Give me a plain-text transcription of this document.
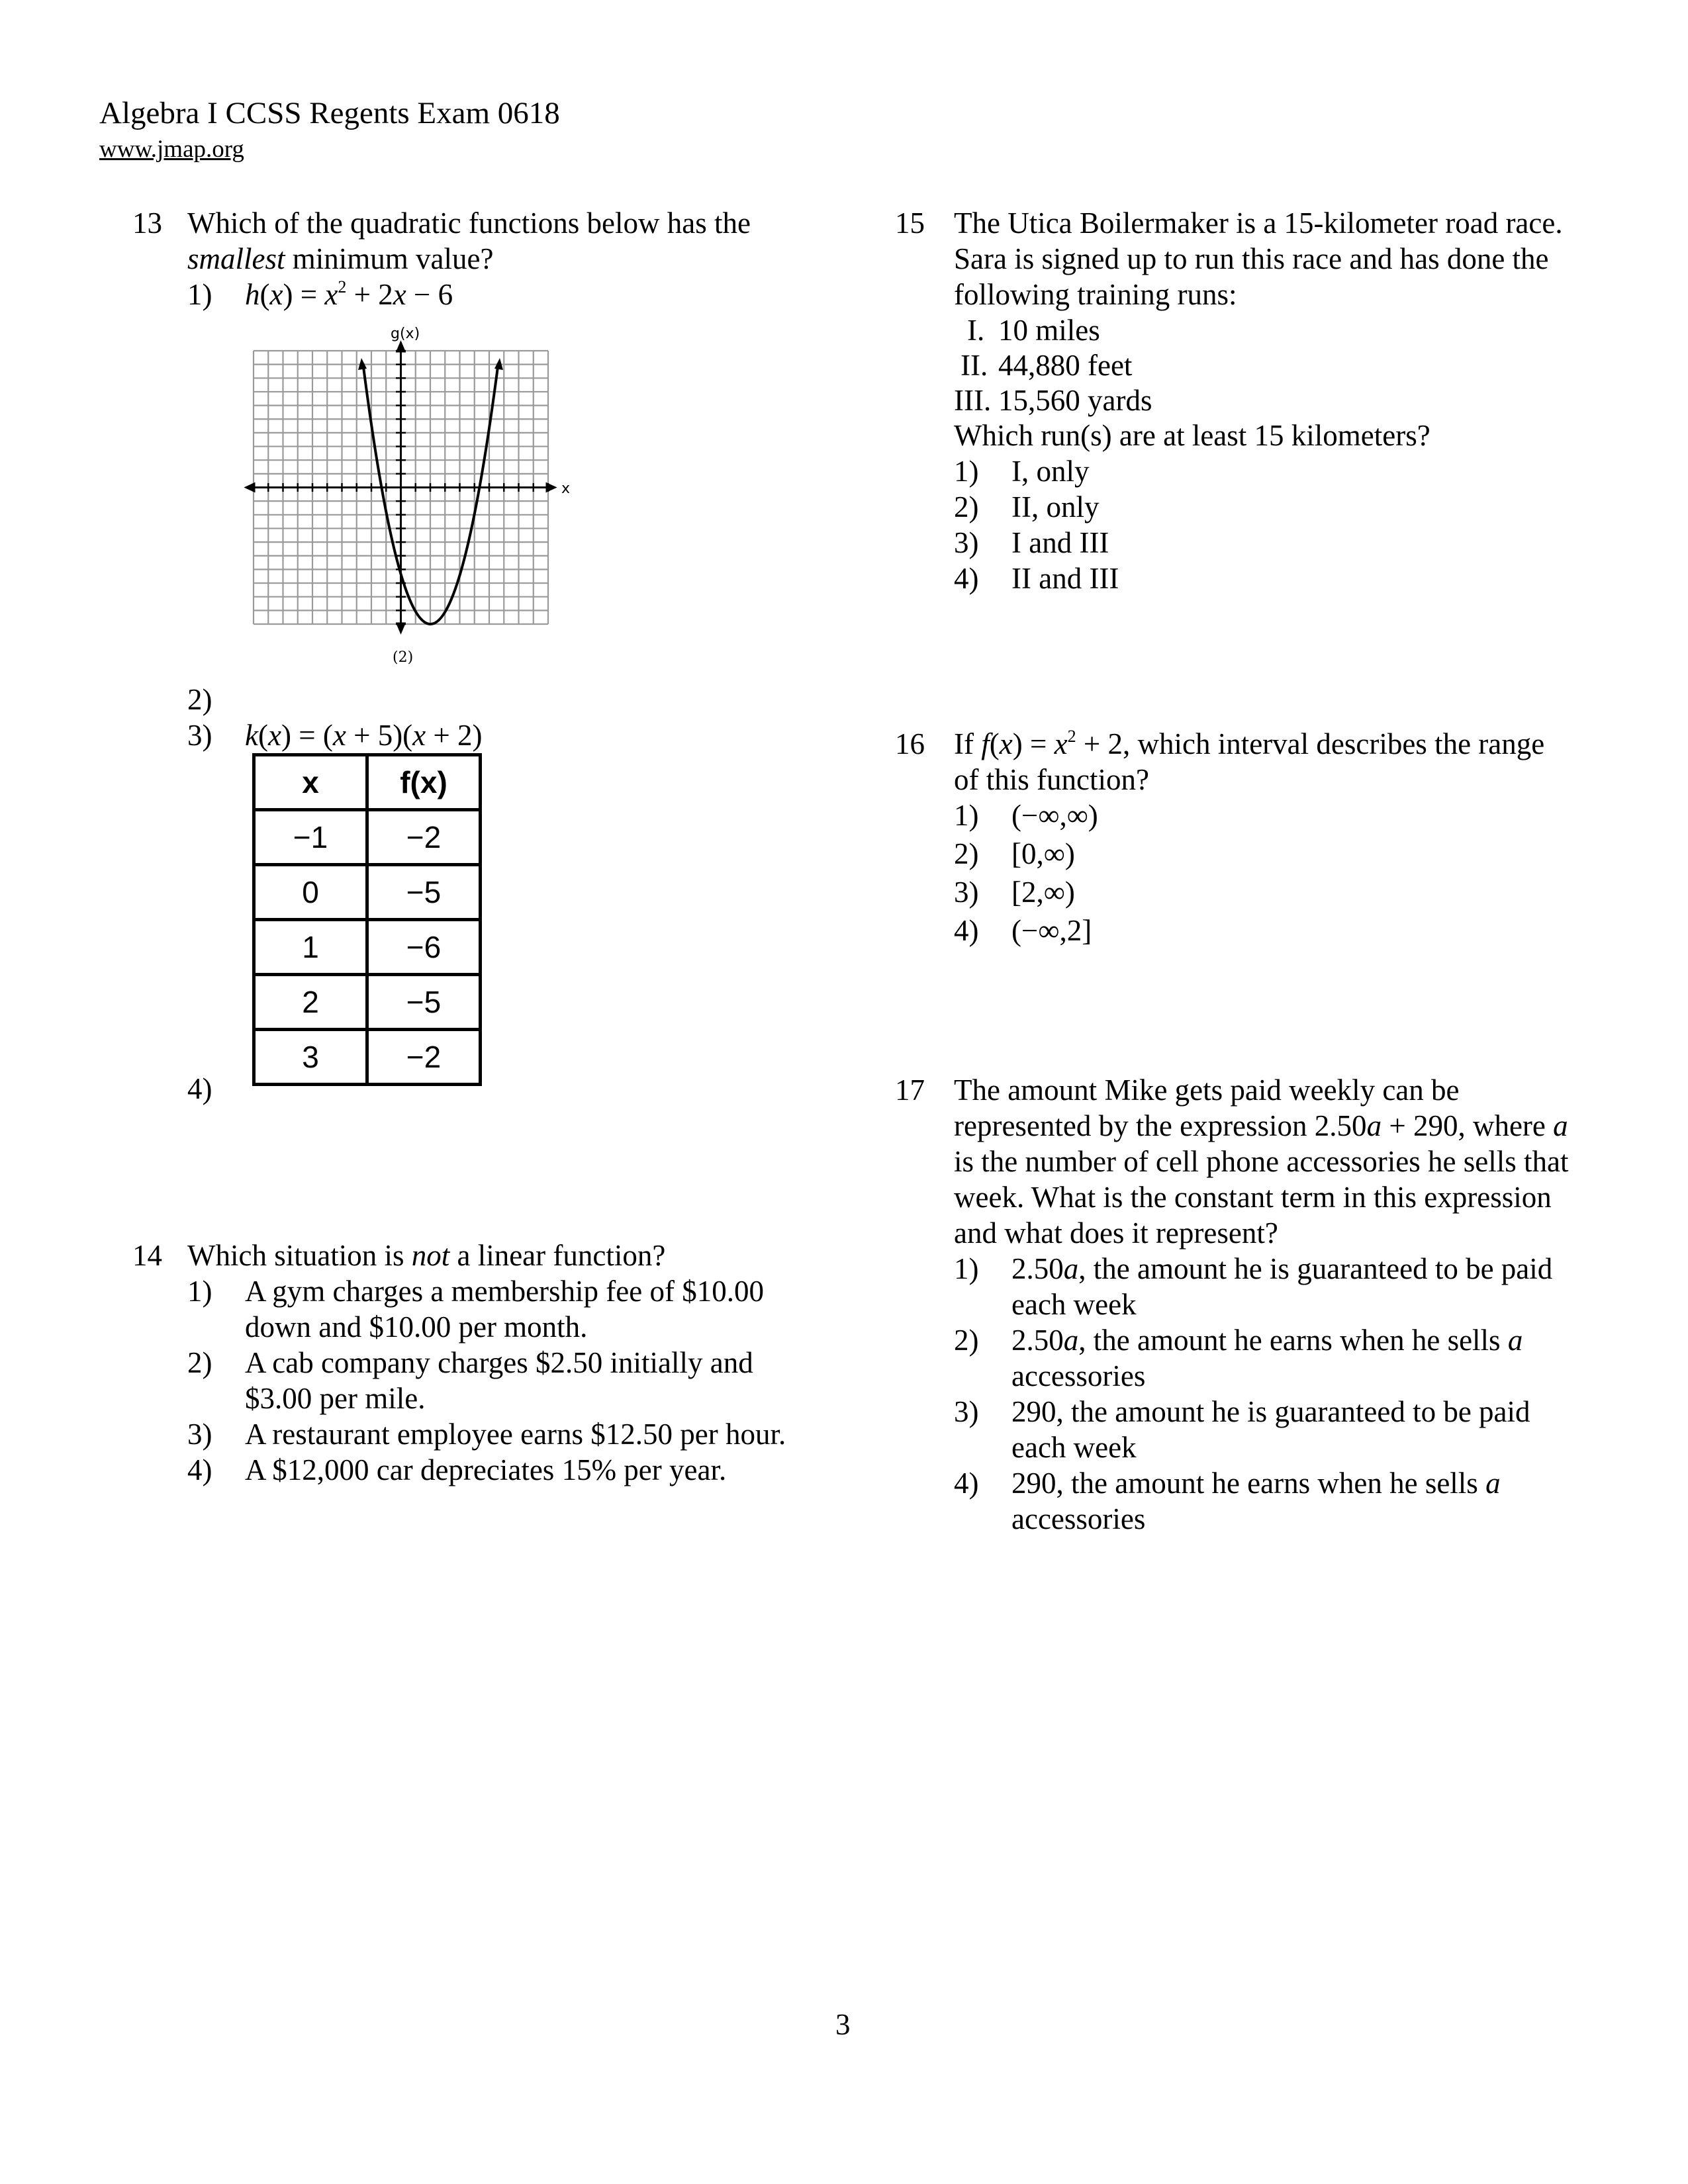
Algebra I CCSS Regents Exam 0618
www.jmap.org
13 Which of the quadratic functions below has the
smallest minimum value?
1) $h(x) = x^2 + 2x - 6$
g(x)
x
(2)
2)
3) k(x) = (x + 5)(x + 2)
x	f(x)
−1	−2
0	−5
1	−6
2	−5
3	−2
4)
14 Which situation is not a linear function?
1) A gym charges a membership fee of $10.00
down and $10.00 per month.
2) A cab company charges $2.50 initially and
$3.00 per mile.
3) A restaurant employee earns $12.50 per hour.
4) A $12,000 car depreciates 15% per year.
15 The Utica Boilermaker is a 15-kilometer road race.
Sara is signed up to run this race and has done the
following training runs:
I. 10 miles
II. 44,880 feet
III. 15,560 yards
Which run(s) are at least 15 kilometers?
1) I, only
2) II, only
3) I and III
4) II and III
16 If $f(x) = x^2 + 2$, which interval describes the range
of this function?
1) (−∞,∞)
2) [0,∞)
3) [2,∞)
4) (−∞,2]
17 The amount Mike gets paid weekly can be
represented by the expression 2.50a + 290, where a
is the number of cell phone accessories he sells that
week. What is the constant term in this expression
and what does it represent?
1) 2.50a, the amount he is guaranteed to be paid
each week
2) 2.50a, the amount he earns when he sells a
accessories
3) 290, the amount he is guaranteed to be paid
each week
4) 290, the amount he earns when he sells a
accessories
3
